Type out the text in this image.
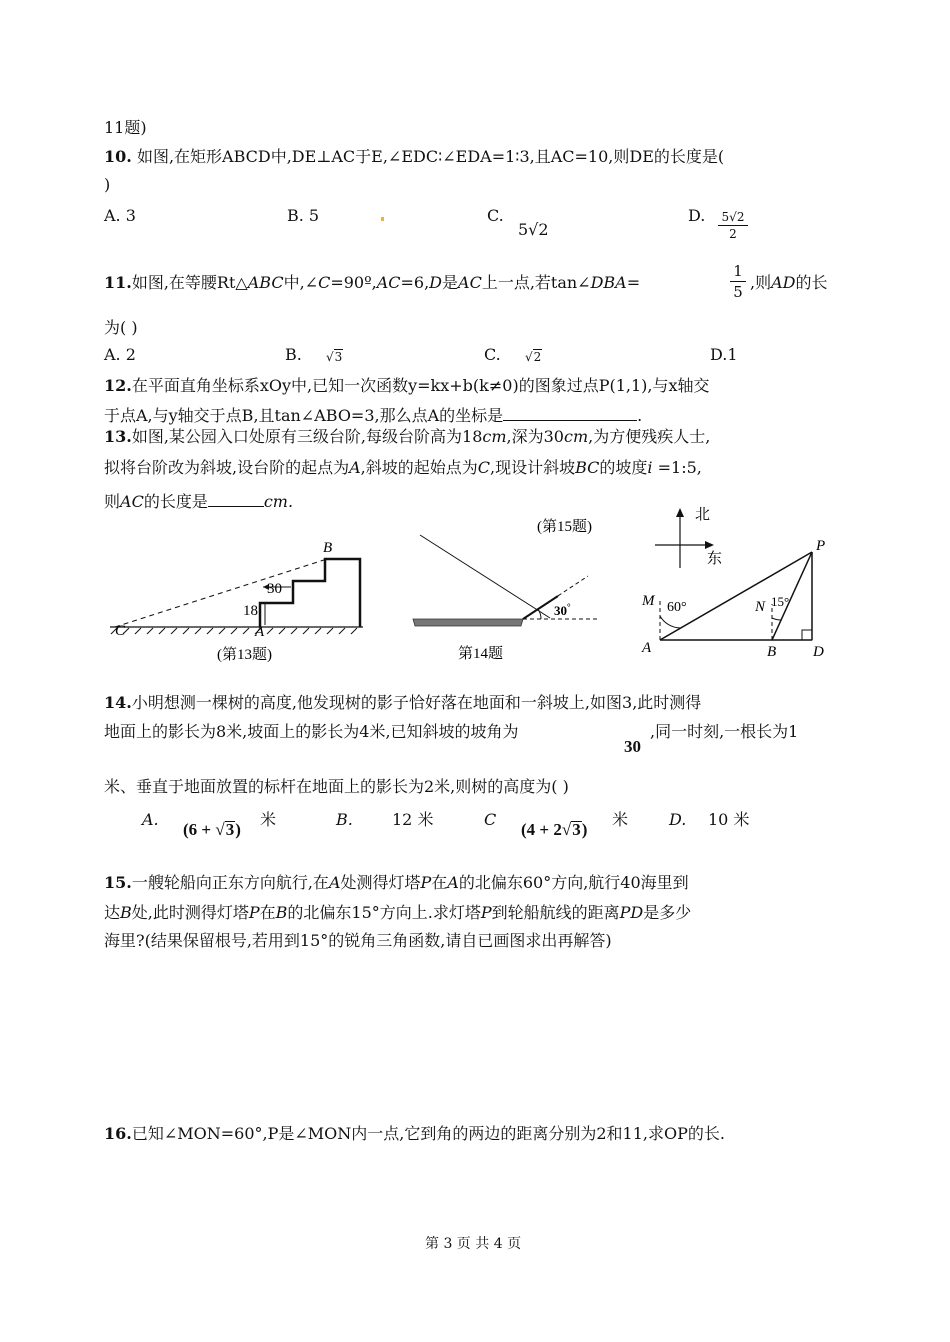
11题)
10. 如图,在矩形ABCD中,DE⊥AC于E,∠EDC∶∠EDA=1∶3,且AC=10,则DE的长度是(
)
A. 3	B. 5	C.
5√2
D. 5√2
2
11.如图,在等腰Rt△ABC中,∠C=90º,AC=6,D是AC上一点,若tan∠DBA=
1
5 ,则AD的长
为( )
A. 2	B. √3	C. √2	D.1
12.在平面直角坐标系xOy中,已知一次函数y=kx+b(k≠0)的图象过点P(1,1),与x轴交
于点A,与y轴交于点B,且tan∠ABO=3,那么点A的坐标是	.
13.如图,某公园入口处原有三级台阶,每级台阶高为18cm,深为30cm,为方便残疾人士,
拟将台阶改为斜坡,设台阶的起点为A,斜坡的起始点为C,现设计斜坡BC的坡度i =1:5,
则AC的长度是	cm.
C	A
B
30
18
(第13题)
30°
第14题
(第15题)
北
东
P
M	N
A	B D
60°	15°
14.小明想测一棵树的高度,他发现树的影子恰好落在地面和一斜坡上,如图3,此时测得
地面上的影长为8米,坡面上的影长为4米,已知斜坡的坡角为
30
,同一时刻,一根长为1
米、垂直于地面放置的标杆在地面上的影长为2米,则树的高度为( )
A.
(6 + √3)
米	B. 12 米	C
(4 + 2√3)
米	D. 10 米
15.一艘轮船向正东方向航行,在A处测得灯塔P在A的北偏东60°方向,航行40海里到
达B处,此时测得灯塔P在B的北偏东15°方向上.求灯塔P到轮船航线的距离PD是多少
海里?(结果保留根号,若用到15°的锐角三角函数,请自已画图求出再解答)
16.已知∠MON=60°,P是∠MON内一点,它到角的两边的距离分别为2和11,求OP的长.
第 3 页 共 4 页
